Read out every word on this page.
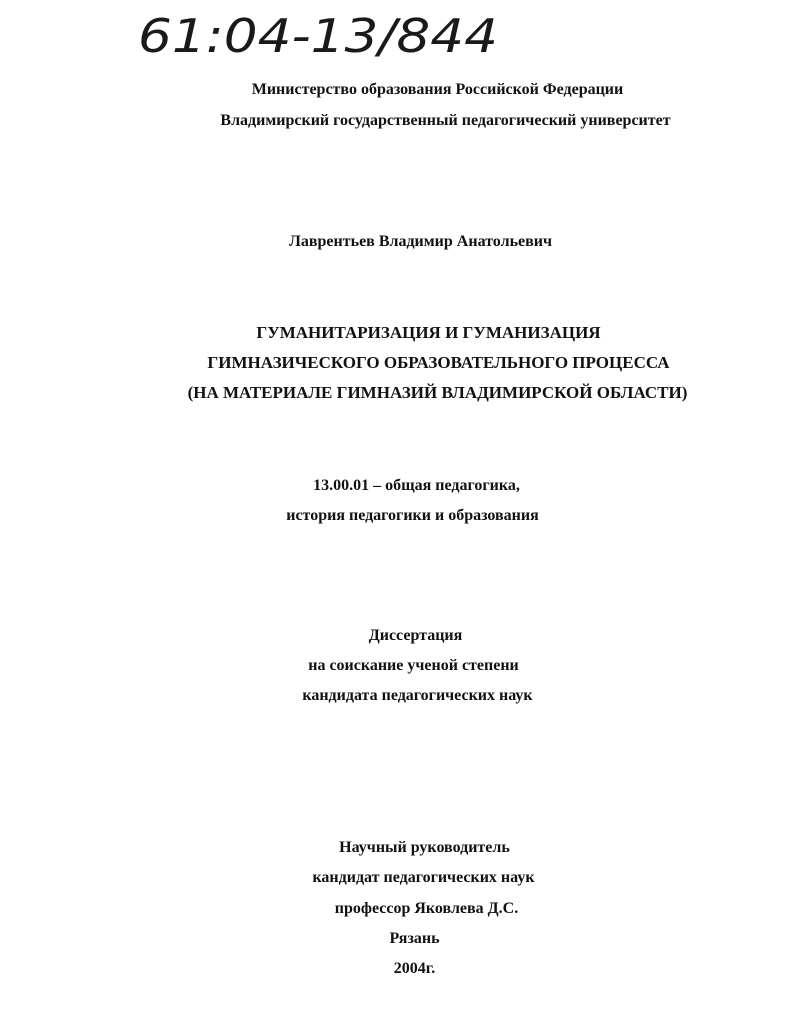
61:04-13/844
Министерство образования Российской Федерации
Владимирский государственный педагогический университет
Лаврентьев Владимир Анатольевич
ГУМАНИТАРИЗАЦИЯ И ГУМАНИЗАЦИЯ
ГИМНАЗИЧЕСКОГО ОБРАЗОВАТЕЛЬНОГО ПРОЦЕССА
(НА МАТЕРИАЛЕ ГИМНАЗИЙ ВЛАДИМИРСКОЙ ОБЛАСТИ)
13.00.01 – общая педагогика,
история педагогики и образования
Диссертация
на соискание ученой степени
кандидата педагогических наук
Научный руководитель
кандидат педагогических наук
профессор Яковлева Д.С.
Рязань
2004г.
